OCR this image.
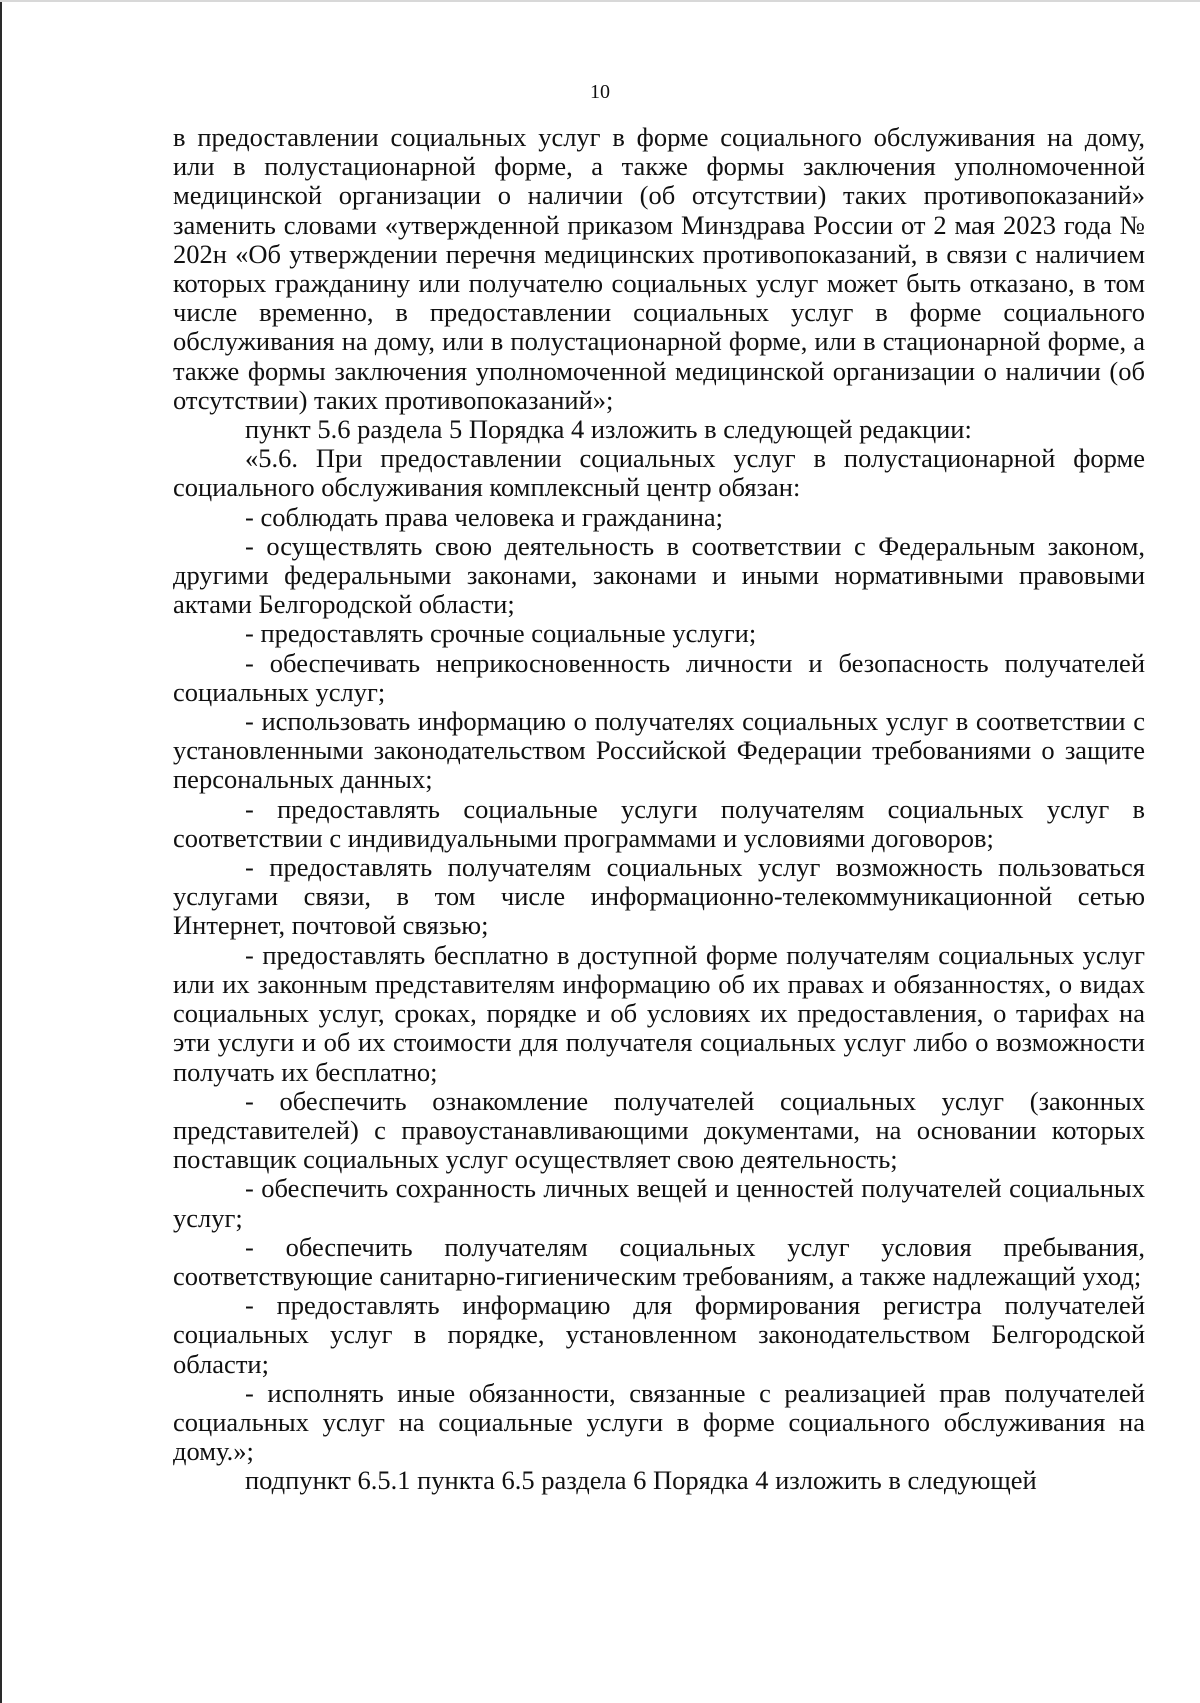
10

в предоставлении социальных услуг в форме социального обслуживания на дому, или в полустационарной форме, а также формы заключения уполномоченной медицинской организации о наличии (об отсутствии) таких противопоказаний» заменить словами «утвержденной приказом Минздрава России от 2 мая 2023 года № 202н «Об утверждении перечня медицинских противопоказаний, в связи с наличием которых гражданину или получателю социальных услуг может быть отказано, в том числе временно, в предоставлении социальных услуг в форме социального обслуживания на дому, или в полустационарной форме, или в стационарной форме, а также формы заключения уполномоченной медицинской организации о наличии (об отсутствии) таких противопоказаний»;

пункт 5.6 раздела 5 Порядка 4 изложить в следующей редакции:

«5.6. При предоставлении социальных услуг в полустационарной форме социального обслуживания комплексный центр обязан:

- соблюдать права человека и гражданина;

- осуществлять свою деятельность в соответствии с Федеральным законом, другими федеральными законами, законами и иными нормативными правовыми актами Белгородской области;

- предоставлять срочные социальные услуги;

- обеспечивать неприкосновенность личности и безопасность получателей социальных услуг;

- использовать информацию о получателях социальных услуг в соответствии с установленными законодательством Российской Федерации требованиями о защите персональных данных;

- предоставлять социальные услуги получателям социальных услуг в соответствии с индивидуальными программами и условиями договоров;

- предоставлять получателям социальных услуг возможность пользоваться услугами связи, в том числе информационно-телекоммуникационной сетью Интернет, почтовой связью;

- предоставлять бесплатно в доступной форме получателям социальных услуг или их законным представителям информацию об их правах и обязанностях, о видах социальных услуг, сроках, порядке и об условиях их предоставления, о тарифах на эти услуги и об их стоимости для получателя социальных услуг либо о возможности получать их бесплатно;

- обеспечить ознакомление получателей социальных услуг (законных представителей) с правоустанавливающими документами, на основании которых поставщик социальных услуг осуществляет свою деятельность;

- обеспечить сохранность личных вещей и ценностей получателей социальных услуг;

- обеспечить получателям социальных услуг условия пребывания, соответствующие санитарно-гигиеническим требованиям, а также надлежащий уход;

- предоставлять информацию для формирования регистра получателей социальных услуг в порядке, установленном законодательством Белгородской области;

- исполнять иные обязанности, связанные с реализацией прав получателей социальных услуг на социальные услуги в форме социального обслуживания на дому.»;

подпункт 6.5.1 пункта 6.5 раздела 6 Порядка 4 изложить в следующей
